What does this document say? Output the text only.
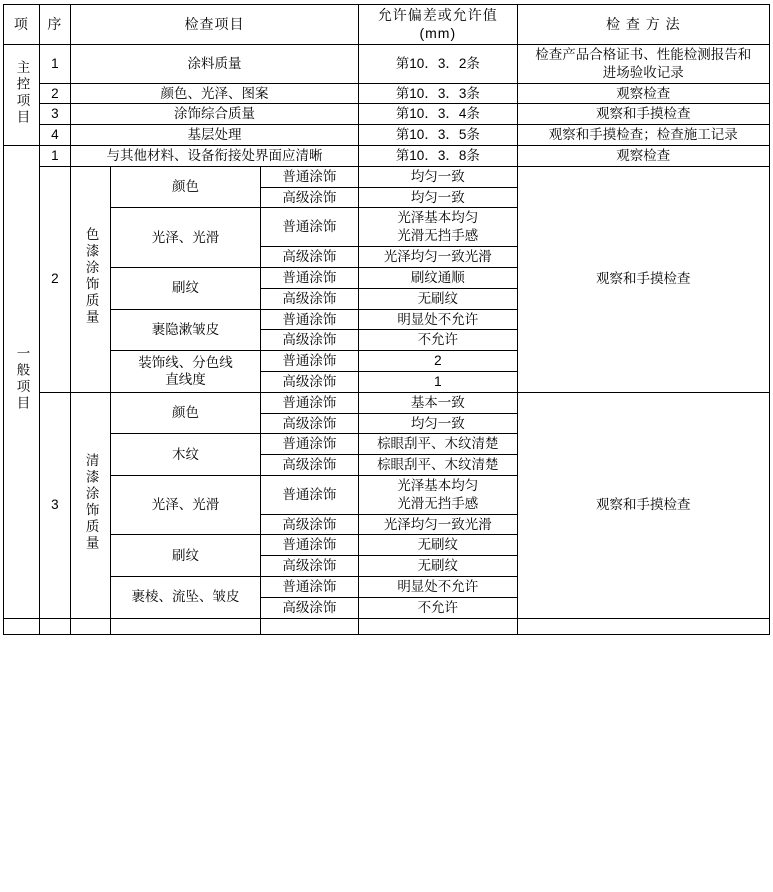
项	序	检查项目			允许偏差或允许值
(mm)	检 查 方 法
主控项目	1	涂料质量			第10．3．2条	检查产品合格证书、性能检测报告和
进场验收记录

	2	颜色、光泽、图案			第10．3．3条	观察检查
	3	涂饰综合质量			第10．3．4条	观察和手摸检查
	4	基层处理			第10．3．5条	观察和手摸检查；检查施工记录
一般项目	1	与其他材料、设备衔接处界面应清晰			第10．3．8条	观察检查
	2	色漆涂饰质量	颜色	普通涂饰	均匀一致	观察和手摸检查
				高级涂饰	均匀一致	
			光泽、光滑	普通涂饰	光泽基本均匀
光滑无挡手感	

				高级涂饰	光泽均匀一致光滑	
			刷纹	普通涂饰	刷纹通顺	
				高级涂饰	无刷纹	
			裹隐漱皱皮	普通涂饰	明显处不允许	
				高级涂饰	不允许	

			装饰线、分色线
直线度	普通涂饰	2	
				高级涂饰	1	
	3	清漆涂饰质量	颜色	普通涂饰	基本一致	观察和手摸检查
				高级涂饰	均匀一致	
			木纹	普通涂饰	棕眼刮平、木纹清楚	
				高级涂饰	棕眼刮平、木纹清楚	
			光泽、光滑	普通涂饰	光泽基本均匀
光滑无挡手感	

				高级涂饰	光泽均匀一致光滑	
			刷纹	普通涂饰	无刷纹	
				高级涂饰	无刷纹	
			裹棱、流坠、皱皮	普通涂饰	明显处不允许	
				高级涂饰	不允许	
